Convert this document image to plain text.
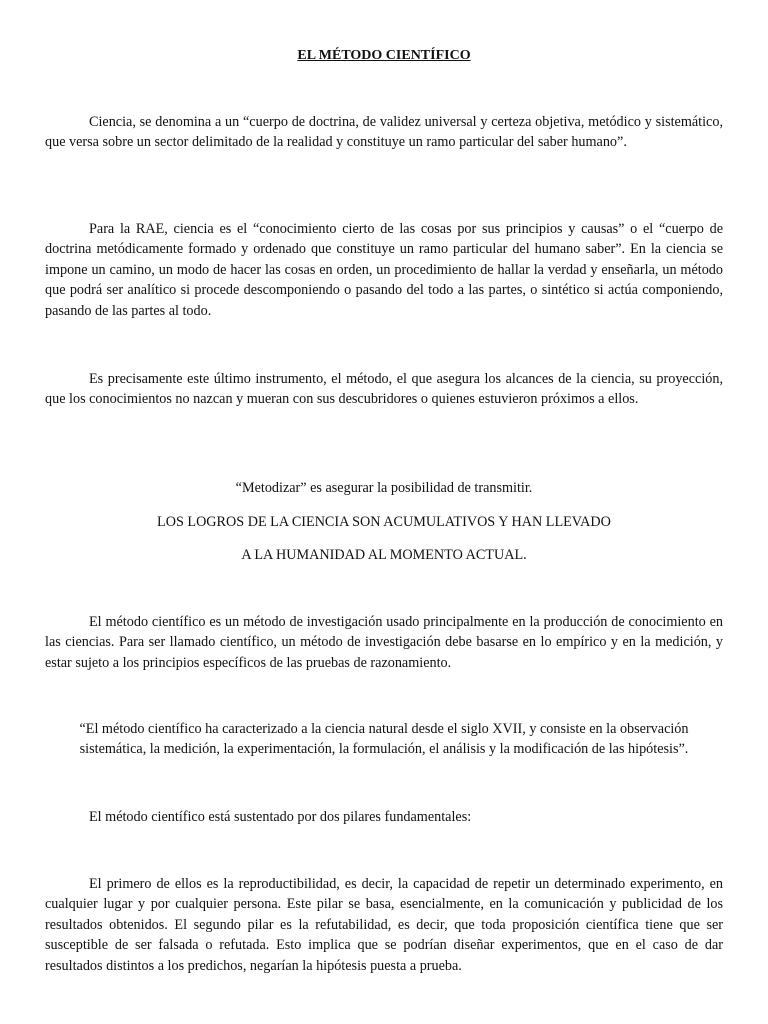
EL MÉTODO CIENTÍFICO

Ciencia, se denomina a un “cuerpo de doctrina, de validez universal y certeza objetiva, metódico y sistemático, que versa sobre un sector delimitado de la realidad y constituye un ramo particular del saber humano”.

Para la RAE, ciencia es el “conocimiento cierto de las cosas por sus principios y causas” o el “cuerpo de doctrina metódicamente formado y ordenado que constituye un ramo particular del humano saber”. En la ciencia se impone un camino, un modo de hacer las cosas en orden, un procedimiento de hallar la verdad y enseñarla, un método que podrá ser analítico si procede descomponiendo o pasando del todo a las partes, o sintético si actúa componiendo, pasando de las partes al todo.

Es precisamente este último instrumento, el método, el que asegura los alcances de la ciencia, su proyección, que los conocimientos no nazcan y mueran con sus descubridores o quienes estuvieron próximos a ellos.

“Metodizar” es asegurar la posibilidad de transmitir.

LOS LOGROS DE LA CIENCIA SON ACUMULATIVOS Y HAN LLEVADO

A LA HUMANIDAD AL MOMENTO ACTUAL.

El método científico es un método de investigación usado principalmente en la producción de conocimiento en las ciencias. Para ser llamado científico, un método de investigación debe basarse en lo empírico y en la medición, y estar sujeto a los principios específicos de las pruebas de razonamiento.

“El método científico ha caracterizado a la ciencia natural desde el siglo XVII, y consiste en la observación sistemática, la medición, la experimentación, la formulación, el análisis y la modificación de las hipótesis”.

El método científico está sustentado por dos pilares fundamentales:

El primero de ellos es la reproductibilidad, es decir, la capacidad de repetir un determinado experimento, en cualquier lugar y por cualquier persona. Este pilar se basa, esencialmente, en la comunicación y publicidad de los resultados obtenidos. El segundo pilar es la refutabilidad, es decir, que toda proposición científica tiene que ser susceptible de ser falsada o refutada. Esto implica que se podrían diseñar experimentos, que en el caso de dar resultados distintos a los predichos, negarían la hipótesis puesta a prueba.
